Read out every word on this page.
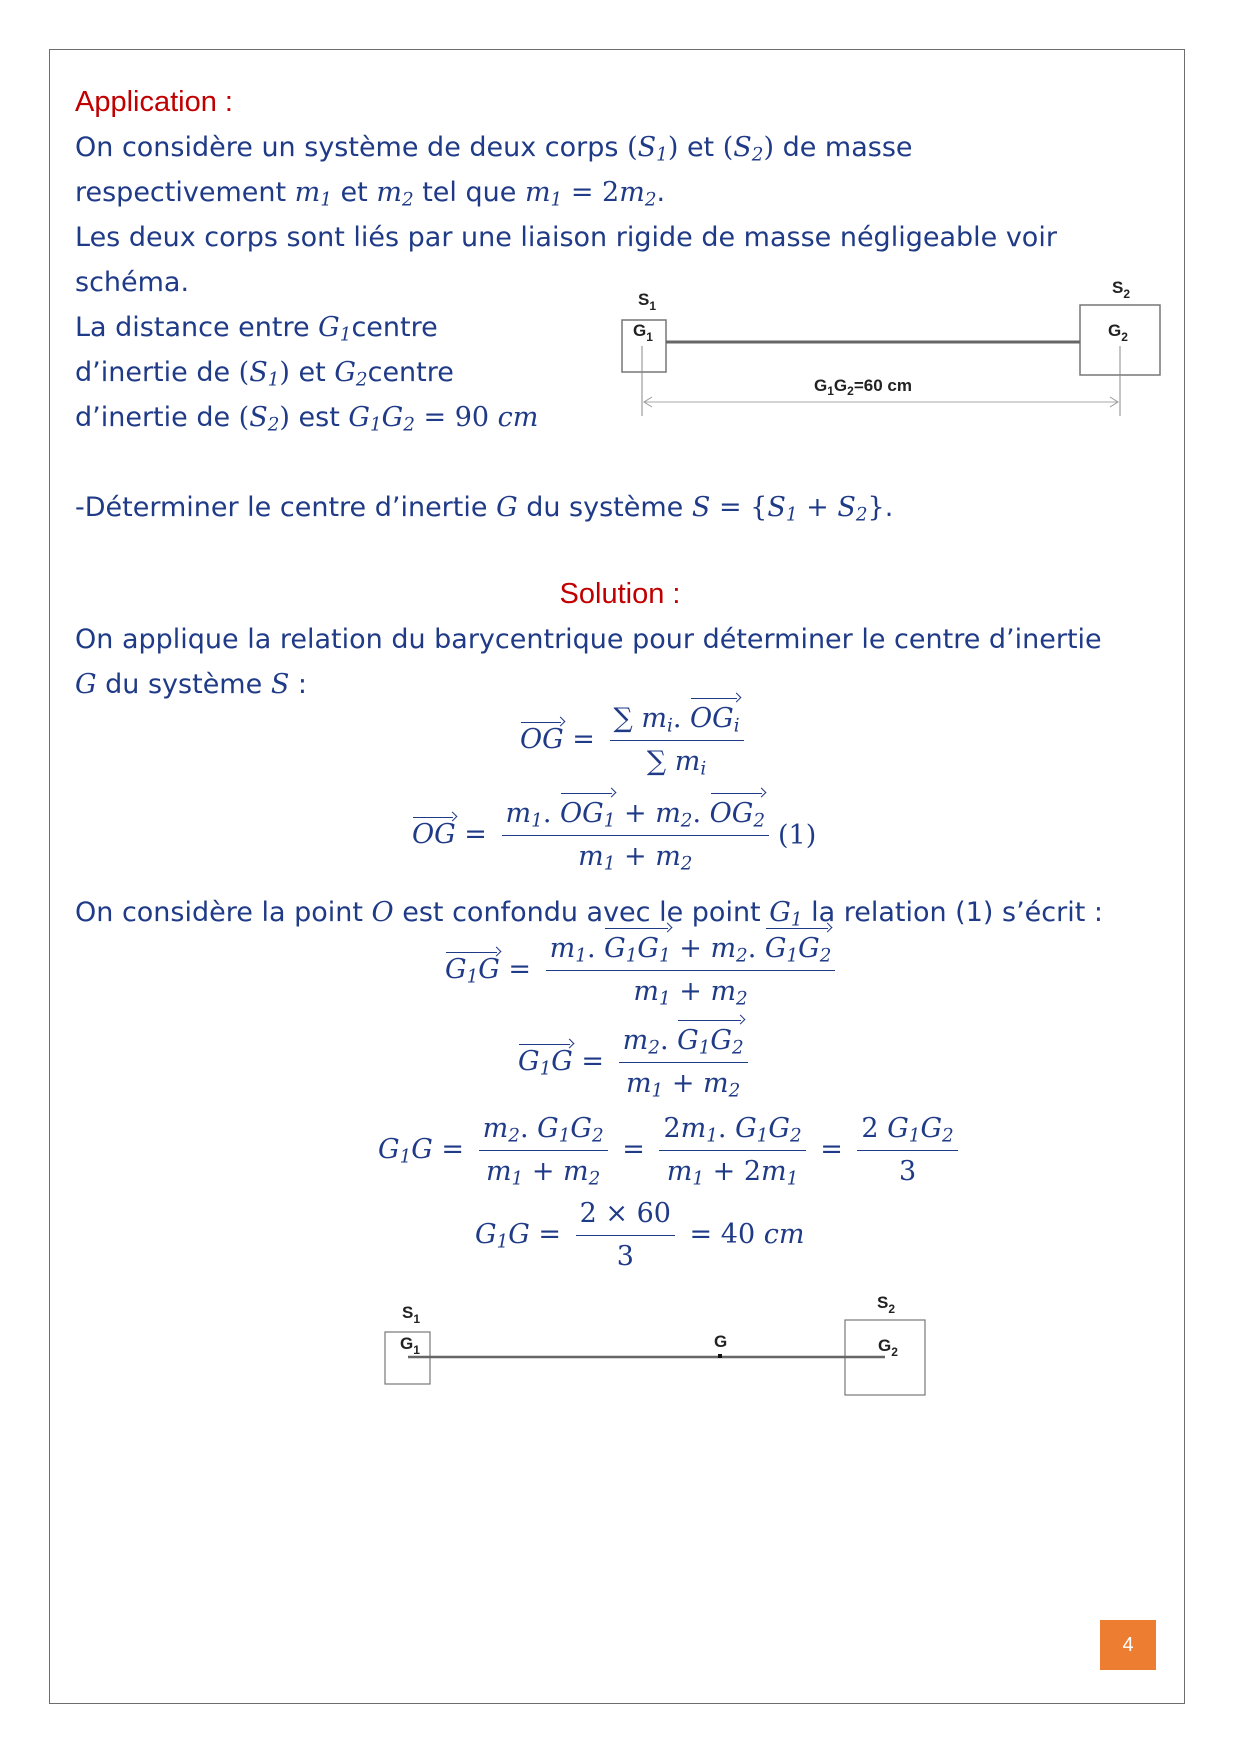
Application :
On considère un système de deux corps $(S_1)$ et $(S_2)$ de masse
respectivement $m_1$ et $m_2$ tel que $m_1 = 2m_2$.
Les deux corps sont liés par une liaison rigide de masse négligeable voir
schéma.
La distance entre $G_1centre$
d’inertie de $(S_1)$ et $G_2centre$
d’inertie de $(S_2)$ est $G_1G_2 = 90$ cm
$S_1$
$S_2$
$G_1$	$G_2$
$G_1G_2=60$ cm
-Déterminer le centre d’inertie G du système $S = \{S_1 + S_2\}$.
Solution :
On applique la relation du barycentrique pour déterminer le centre d’inertie
G du système S :
OG = $\frac{\sum m_i. OG_i}{\sum m_i}$
OG = $\frac{m_1. OG_1 + m_2. OG_2}{m_1 + m_2} (1)$
On considère la point O est confondu avec le point $G_1$ la relation (1) s’écrit :
$G_1G = \frac{m_1. G_1G_1 + m_2. G_1G_2}{m_1 + m_2}$
$G_1G = \frac{m_2. G_1G_2}{m_1 + m_2}$
$G_1G = \frac{m_2. G_1G_2}{m_1 + m_2} = \frac{2m_1. G_1G_2}{m_1 + 2m_1} = \frac{2 G_1G_2}{3}$
$G_1G = \frac{2 \times 60}{3} = 40$ cm
$S_1$
$S_2$
$G_1$	$G_2$
G
4
